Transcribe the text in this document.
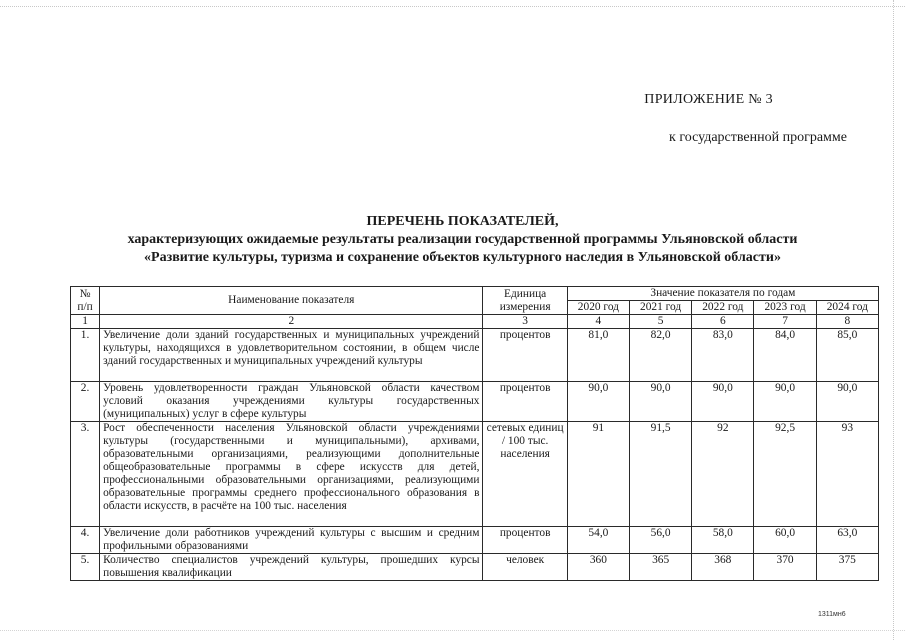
ПРИЛОЖЕНИЕ № 3
к государственной программе
ПЕРЕЧЕНЬ ПОКАЗАТЕЛЕЙ,
характеризующих ожидаемые результаты реализации государственной программы Ульяновской области
«Развитие культуры, туризма и сохранение объектов культурного наследия в Ульяновской области»
№ п/п	Наименование показателя	Единица измерения	Значение показателя по годам				
			2020 год	2021 год	2022 год	2023 год	2024 год
1	2	3	4	5	6	7	8
1.	Увеличение доли зданий государственных и муниципальных учреждений культуры, находящихся в удовлетворительном состоянии, в общем числе зданий государственных и муниципальных учреждений культуры	процентов	81,0	82,0	83,0	84,0	85,0
2.	Уровень удовлетворенности граждан Ульяновской области качеством условий оказания учреждениями культуры государственных (муниципальных) услуг в сфере культуры	процентов	90,0	90,0	90,0	90,0	90,0
3.	Рост обеспеченности населения Ульяновской области учреждениями культуры (государственными и муниципальными), архивами, образовательными организациями, реализующими дополнительные общеобразовательные программы в сфере искусств для детей, профессиональными образовательными организациями, реализующими образовательные программы среднего профессионального образования в области искусств, в расчёте на 100 тыс. населения	сетевых единиц / 100 тыс. населения	91	91,5	92	92,5	93
4.	Увеличение доли работников учреждений культуры с высшим и средним профильными образованиями	процентов	54,0	56,0	58,0	60,0	63,0
5.	Количество специалистов учреждений культуры, прошедших курсы повышения квалификации	человек	360	365	368	370	375
1311мн6
